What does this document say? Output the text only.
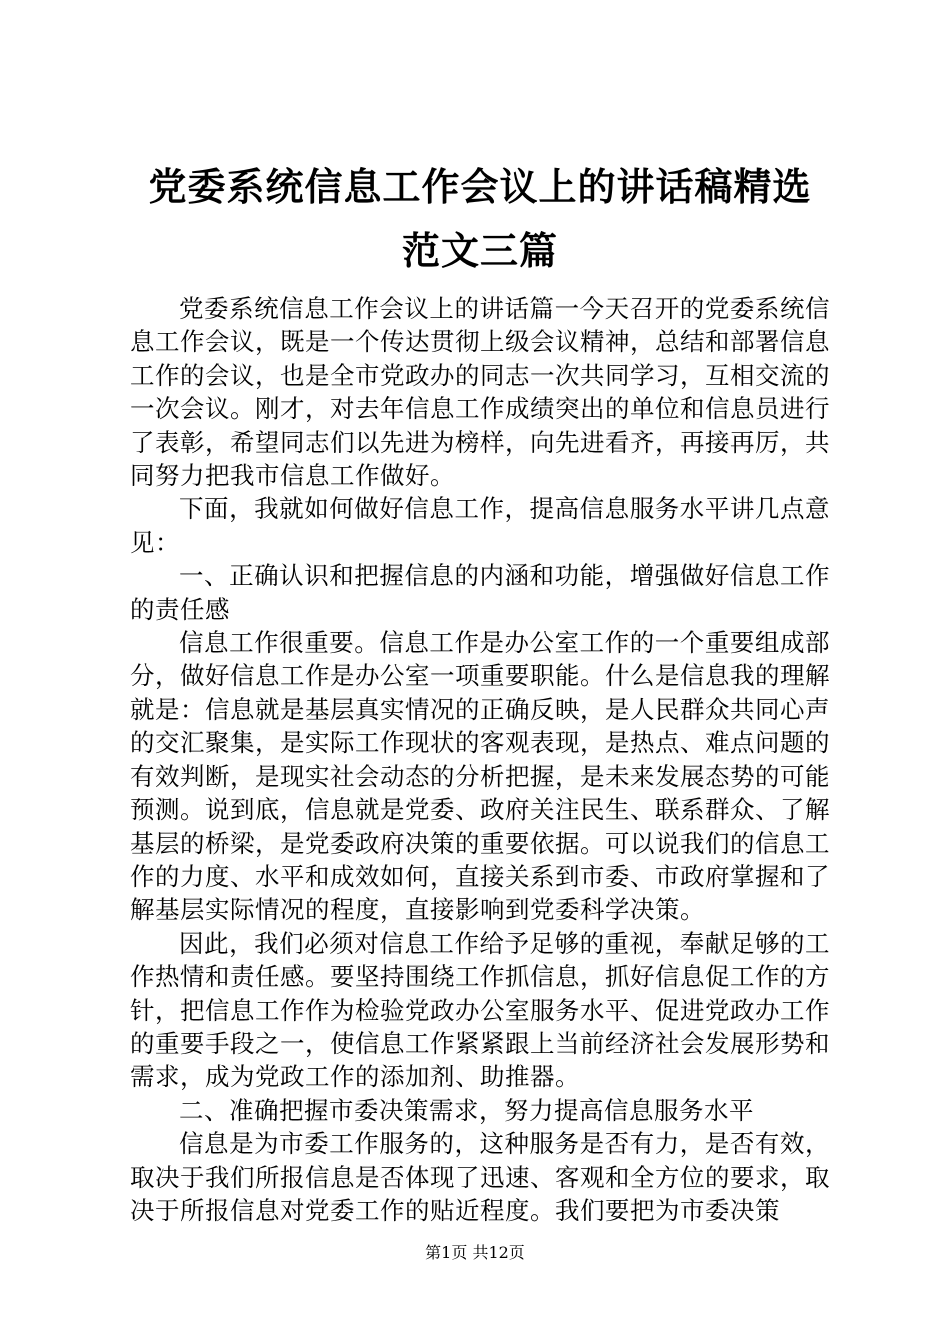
党委系统信息工作会议上的讲话稿精选范文三篇

党委系统信息工作会议上的讲话篇一今天召开的党委系统信息工作会议，既是一个传达贯彻上级会议精神，总结和部署信息工作的会议，也是全市党政办的同志一次共同学习，互相交流的一次会议。刚才，对去年信息工作成绩突出的单位和信息员进行了表彰，希望同志们以先进为榜样，向先进看齐，再接再厉，共同努力把我市信息工作做好。

下面，我就如何做好信息工作，提高信息服务水平讲几点意见：

一、正确认识和把握信息的内涵和功能，增强做好信息工作的责任感

信息工作很重要。信息工作是办公室工作的一个重要组成部分，做好信息工作是办公室一项重要职能。什么是信息我的理解就是：信息就是基层真实情况的正确反映，是人民群众共同心声的交汇聚集，是实际工作现状的客观表现，是热点、难点问题的有效判断，是现实社会动态的分析把握，是未来发展态势的可能预测。说到底，信息就是党委、政府关注民生、联系群众、了解基层的桥梁，是党委政府决策的重要依据。可以说我们的信息工作的力度、水平和成效如何，直接关系到市委、市政府掌握和了解基层实际情况的程度，直接影响到党委科学决策。

因此，我们必须对信息工作给予足够的重视，奉献足够的工作热情和责任感。要坚持围绕工作抓信息，抓好信息促工作的方针，把信息工作作为检验党政办公室服务水平、促进党政办工作的重要手段之一，使信息工作紧紧跟上当前经济社会发展形势和需求，成为党政工作的添加剂、助推器。

二、准确把握市委决策需求，努力提高信息服务水平

信息是为市委工作服务的，这种服务是否有力，是否有效，取决于我们所报信息是否体现了迅速、客观和全方位的要求，取决于所报信息对党委工作的贴近程度。我们要把为市委决策

第1页 共12页
